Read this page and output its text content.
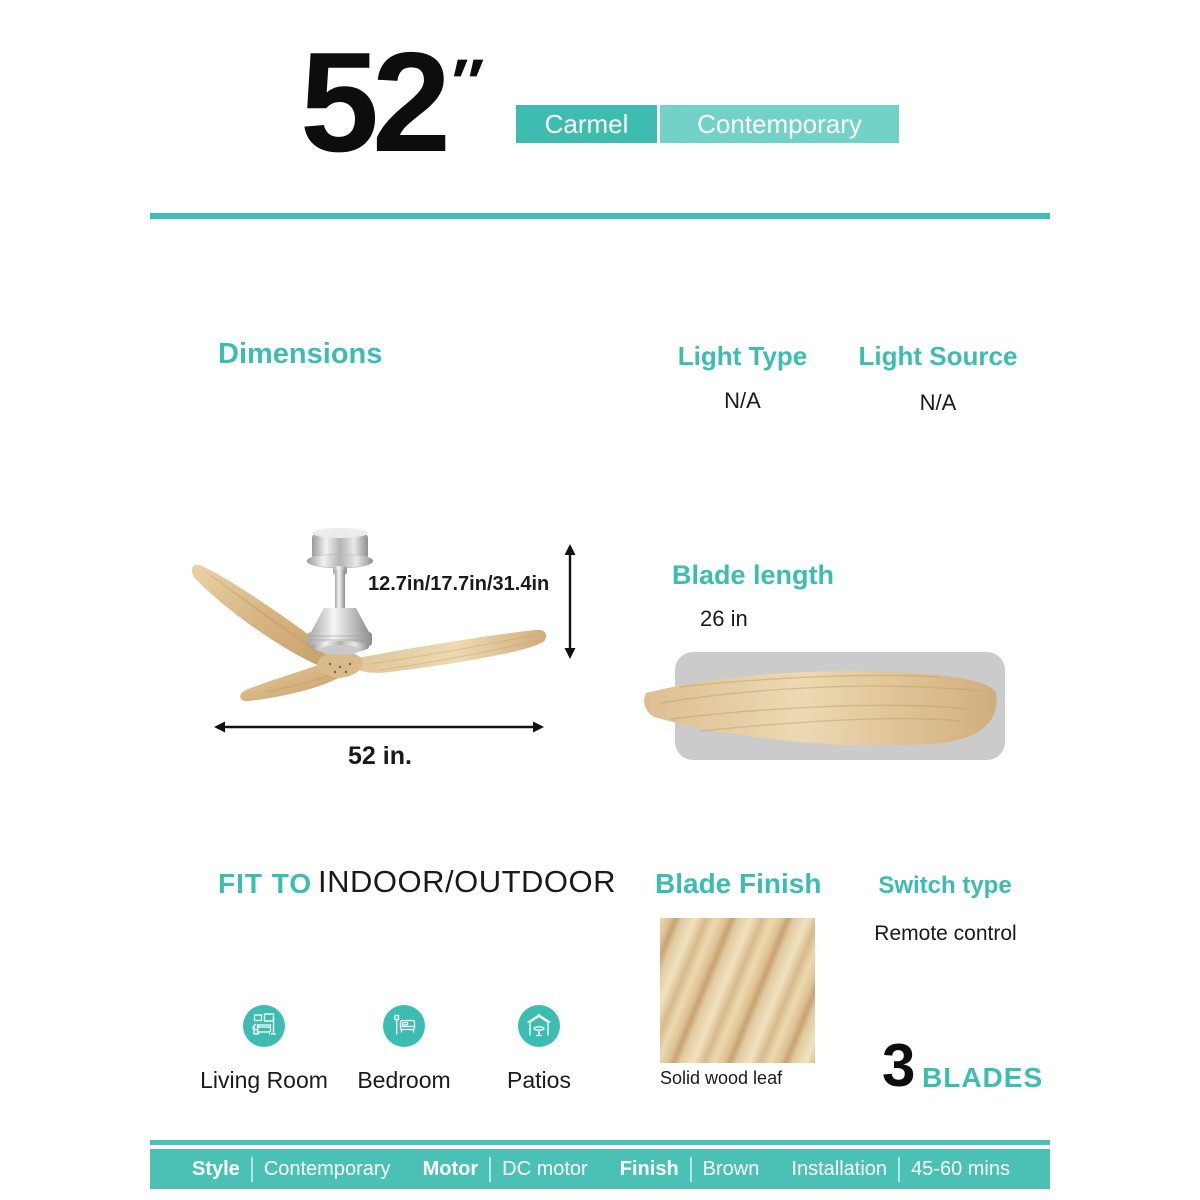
52 ″
Carmel	Contemporary
Dimensions	Light Type
N/A
Light Source
N/A
12.7in/17.7in/31.4in
52 in.
Blade length
26 in
FIT TO INDOOR/OUTDOOR
Living Room	Bedroom	Patios
Blade Finish
Solid wood leaf
Switch type
Remote control
3 BLADES
Style Contemporary Motor DC motor Finish Brown Installation 45-60 mins
